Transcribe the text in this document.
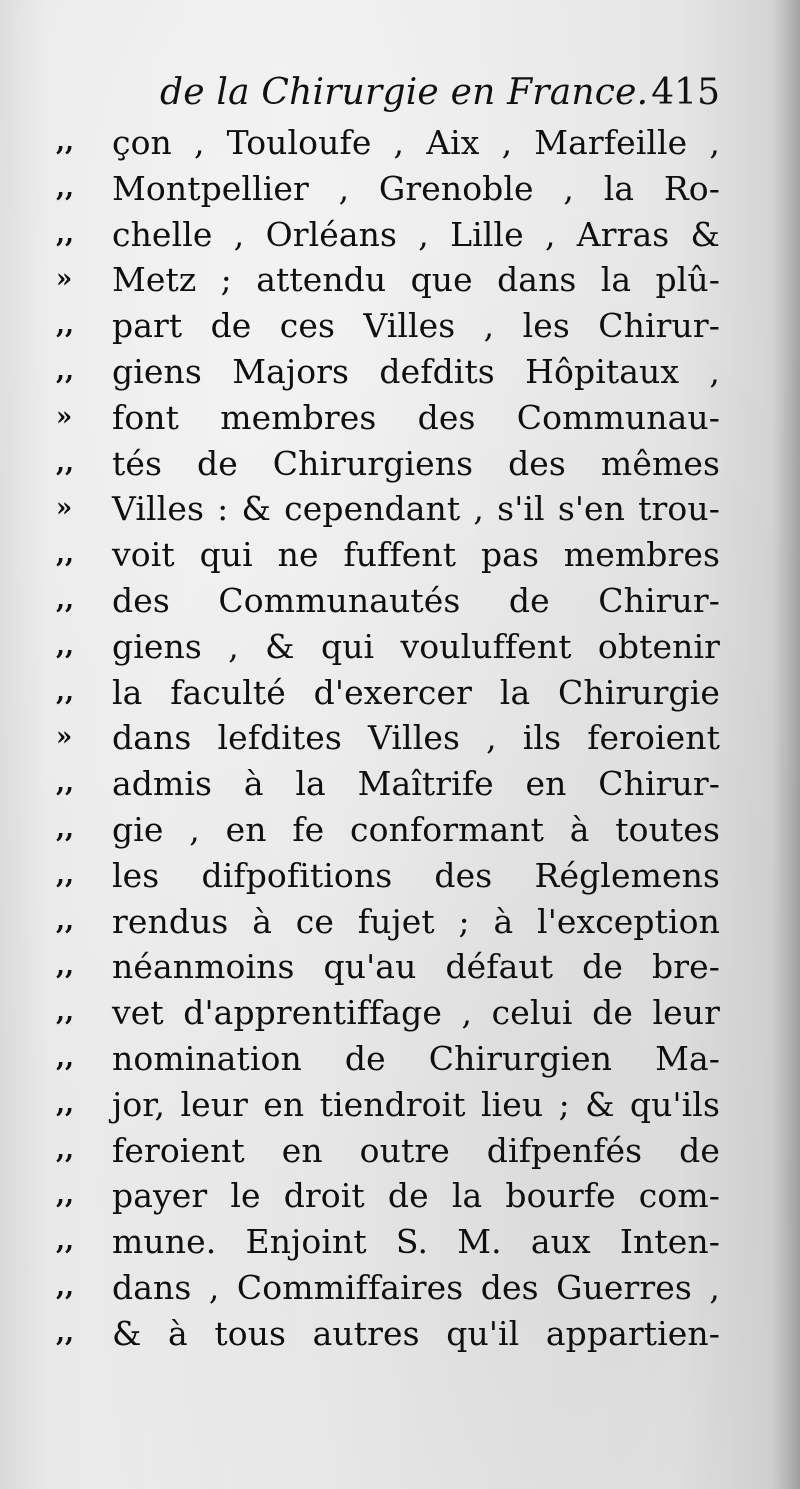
de la Chirurgie en France. 415
,,	çon , Touloufe , Aix , Marfeille ,
,,	Montpellier , Grenoble , la Ro-
,,	chelle , Orléans , Lille , Arras &
»	Metz ; attendu que dans la plû-
,,	part de ces Villes , les Chirur-
,,	giens Majors defdits Hôpitaux ,
»	font membres des Communau-
,,	tés de Chirurgiens des mêmes
»	Villes : & cependant , s'il s'en trou-
,,	voit qui ne fuffent pas membres
,,	des Communautés de Chirur-
,,	giens , & qui vouluffent obtenir
,,	la faculté d'exercer la Chirurgie
»	dans lefdites Villes , ils feroient
,,	admis à la Maîtrife en Chirur-
,,	gie , en fe conformant à toutes
,,	les difpofitions des Réglemens
,,	rendus à ce fujet ; à l'exception
,,	néanmoins qu'au défaut de bre-
,,	vet d'apprentiffage , celui de leur
,,	nomination de Chirurgien Ma-
,,	jor, leur en tiendroit lieu ; & qu'ils
,,	feroient en outre difpenfés de
,,	payer le droit de la bourfe com-
,,	mune. Enjoint S. M. aux Inten-
,,	dans , Commiffaires des Guerres ,
,,	& à tous autres qu'il appartien-
